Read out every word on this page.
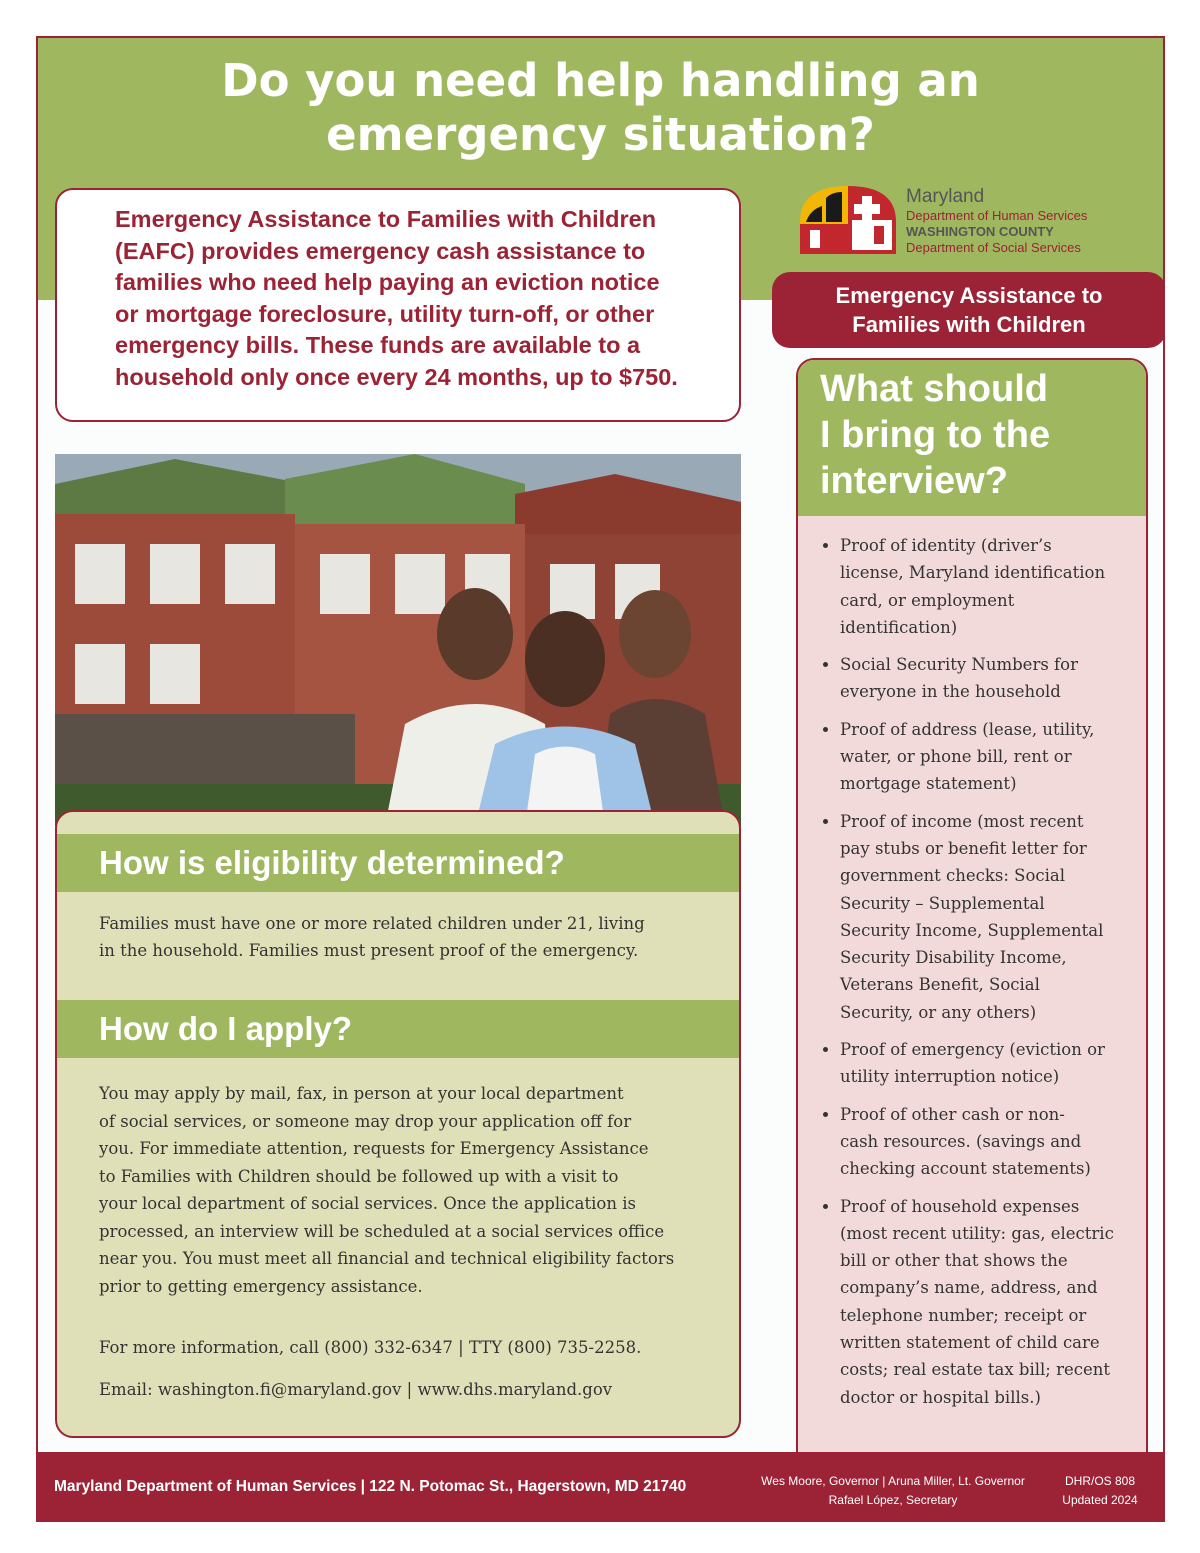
Do you need help handling an
emergency situation?
Emergency Assistance to Families with Children
(EAFC) provides emergency cash assistance to
families who need help paying an eviction notice
or mortgage foreclosure, utility turn-off, or other
emergency bills. These funds are available to a
household only once every 24 months, up to $750.
How is eligibility determined?
Families must have one or more related children under 21, living
in the household. Families must present proof of the emergency.
How do I apply?
You may apply by mail, fax, in person at your local department
of social services, or someone may drop your application off for
you. For immediate attention, requests for Emergency Assistance
to Families with Children should be followed up with a visit to
your local department of social services. Once the application is
processed, an interview will be scheduled at a social services office
near you. You must meet all financial and technical eligibility factors
prior to getting emergency assistance.
For more information, call (800) 332-6347 | TTY (800) 735-2258.
Email: washington.fi@maryland.gov | www.dhs.maryland.gov
Maryland
Department of Human Services
WASHINGTON COUNTY
Department of Social Services
Emergency Assistance to
Families with Children
What should
I bring to the
interview?
• Proof of identity (driver’s
license, Maryland identification
card, or employment
identification)
• Social Security Numbers for
everyone in the household
• Proof of address (lease, utility,
water, or phone bill, rent or
mortgage statement)
• Proof of income (most recent
pay stubs or benefit letter for
government checks: Social
Security – Supplemental
Security Income, Supplemental
Security Disability Income,
Veterans Benefit, Social
Security, or any others)
• Proof of emergency (eviction or
utility interruption notice)
• Proof of other cash or non-
cash resources. (savings and
checking account statements)
• Proof of household expenses
(most recent utility: gas, electric
bill or other that shows the
company’s name, address, and
telephone number; receipt or
written statement of child care
costs; real estate tax bill; recent
doctor or hospital bills.)
Maryland Department of Human Services | 122 N. Potomac St., Hagerstown, MD 21740	Wes Moore, Governor | Aruna Miller, Lt. Governor
Rafael López, Secretary
DHR/OS 808
Updated 2024
